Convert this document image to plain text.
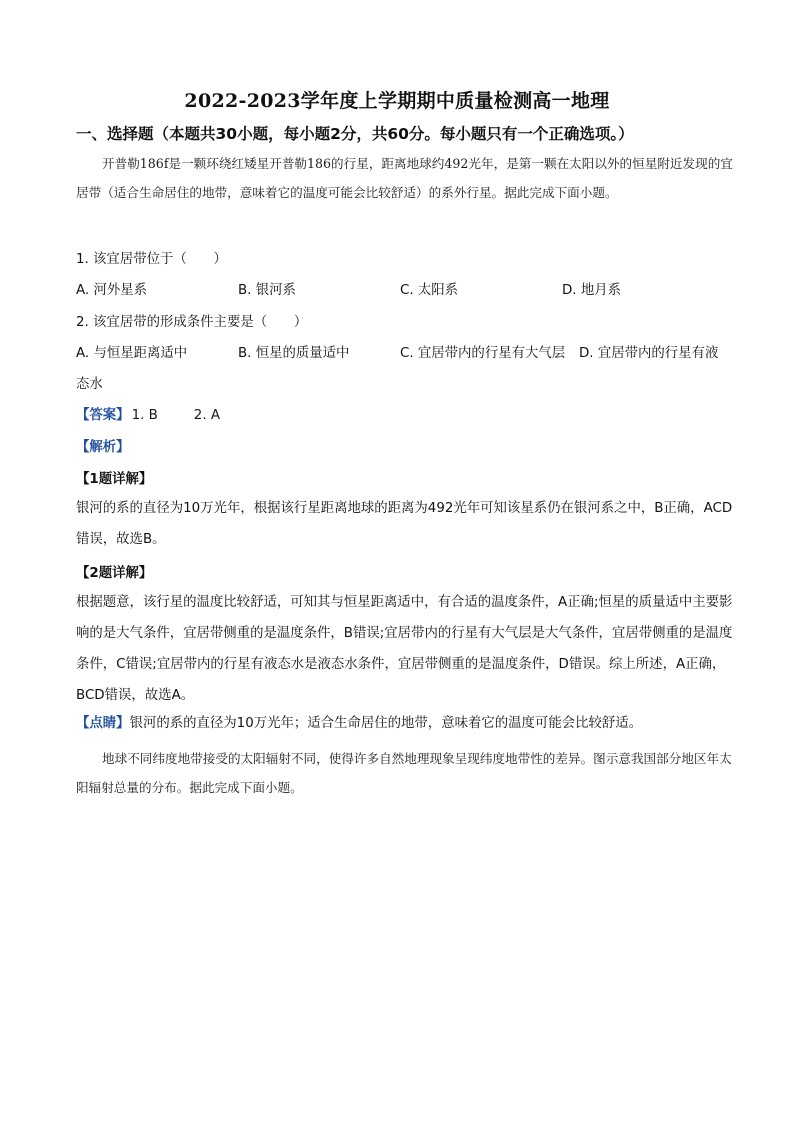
2022-2023学年度上学期期中质量检测高一地理
一、选择题（本题共30小题，每小题2分，共60分。每小题只有一个正确选项。）
开普勒186f是一颗环绕红矮星开普勒186的行星，距离地球约492光年，是第一颗在太阳以外的恒星附近发现的宜居带（适合生命居住的地带，意味着它的温度可能会比较舒适）的系外行星。据此完成下面小题。
1. 该宜居带位于（　　）
A. 河外星系	B. 银河系	C. 太阳系	D. 地月系
2. 该宜居带的形成条件主要是（　　）
A. 与恒星距离适中	B. 恒星的质量适中	C. 宜居带内的行星有大气层 D. 宜居带内的行星有液
态水
【答案】 1. B	2. A
【解析】
【1题详解】
银河的系的直径为10万光年，根据该行星距离地球的距离为492光年可知该星系仍在银河系之中，B正确，ACD错误，故选B。
【2题详解】
根据题意，该行星的温度比较舒适，可知其与恒星距离适中，有合适的温度条件，A正确;恒星的质量适中主要影响的是大气条件，宜居带侧重的是温度条件，B错误;宜居带内的行星有大气层是大气条件，宜居带侧重的是温度条件，C错误;宜居带内的行星有液态水是液态水条件，宜居带侧重的是温度条件，D错误。综上所述，A正确，BCD错误，故选A。
【点睛】银河的系的直径为10万光年；适合生命居住的地带，意味着它的温度可能会比较舒适。
地球不同纬度地带接受的太阳辐射不同，使得许多自然地理现象呈现纬度地带性的差异。图示意我国部分地区年太阳辐射总量的分布。据此完成下面小题。
